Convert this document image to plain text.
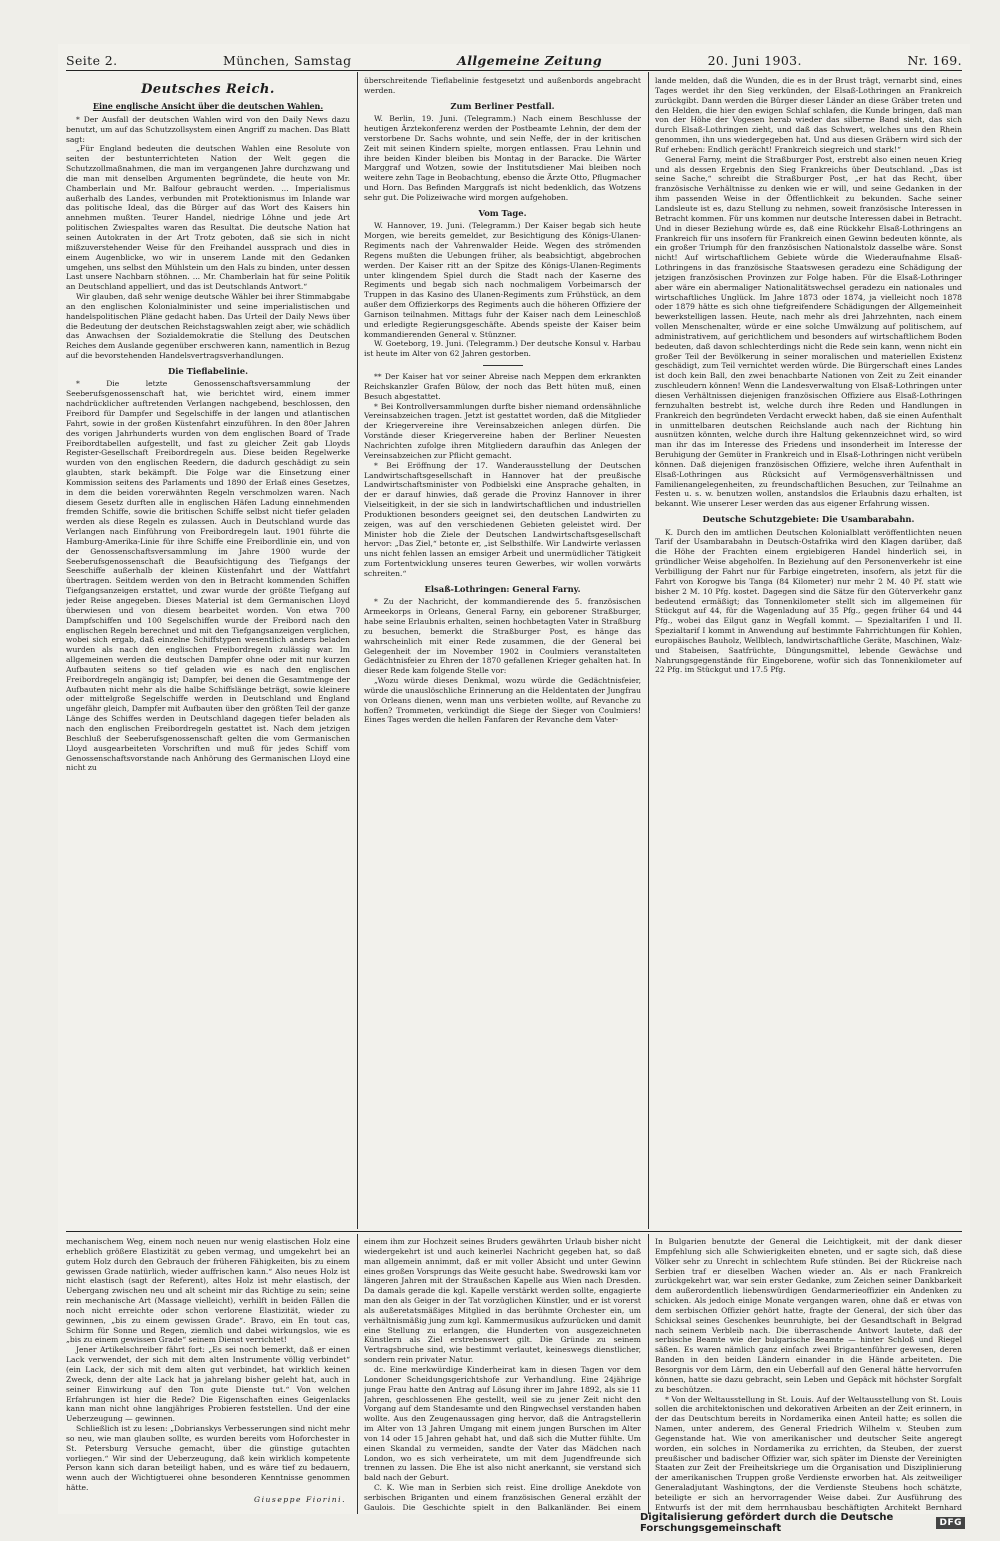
Seite 2.	München, Samstag	Allgemeine Zeitung	20. Juni 1903.	Nr. 169.
Deutsches Reich.
Eine englische Ansicht über die deutschen Wahlen.

* Der Ausfall der deutschen Wahlen wird von den Daily News dazu benutzt, um auf das Schutzzollsystem einen Angriff zu machen. Das Blatt sagt:

„Für England bedeuten die deutschen Wahlen eine Resolute von seiten der bestunterrichteten Nation der Welt gegen die Schutzzollmaßnahmen, die man im vergangenen Jahre durchzwang und die man mit denselben Argumenten begründete, die heute von Mr. Chamberlain und Mr. Balfour gebraucht werden. ... Imperialismus außerhalb des Landes, verbunden mit Protektionismus im Inlande war das politische Ideal, das die Bürger auf das Wort des Kaisers hin annehmen mußten. Teurer Handel, niedrige Löhne und jede Art politischen Zwiespaltes waren das Resultat. Die deutsche Nation hat seinen Autokraten in der Art Trotz geboten, daß sie sich in nicht mißzuverstehender Weise für den Freihandel aussprach und dies in einem Augenblicke, wo wir in unserem Lande mit den Gedanken umgehen, uns selbst den Mühlstein um den Hals zu binden, unter dessen Last unsere Nachbarn stöhnen. ... Mr. Chamberlain hat für seine Politik an Deutschland appelliert, und das ist Deutschlands Antwort.“

Wir glauben, daß sehr wenige deutsche Wähler bei ihrer Stimmabgabe an den englischen Kolonialminister und seine imperialistischen und handelspolitischen Pläne gedacht haben. Das Urteil der Daily News über die Bedeutung der deutschen Reichstagswahlen zeigt aber, wie schädlich das Anwachsen der Sozialdemokratie die Stellung des Deutschen Reiches dem Auslande gegenüber erschweren kann, namentlich in Bezug auf die bevorstehenden Handelsvertragsverhandlungen.

Die Tieflabelinie.

* Die letzte Genossenschaftsversammlung der Seeberufsgenossenschaft hat, wie berichtet wird, einem immer nachdrücklicher auftretenden Verlangen nachgebend, beschlossen, den Freibord für Dampfer und Segelschiffe in der langen und atlantischen Fahrt, sowie in der großen Küstenfahrt einzuführen. In den 80er Jahren des vorigen Jahrhunderts wurden von dem englischen Board of Trade Freibordtabellen aufgestellt, und fast zu gleicher Zeit gab Lloyds Register-Gesellschaft Freibordregeln aus. Diese beiden Regelwerke wurden von den englischen Reedern, die dadurch geschädigt zu sein glaubten, stark bekämpft. Die Folge war die Einsetzung einer Kommission seitens des Parlaments und 1890 der Erlaß eines Gesetzes, in dem die beiden vorerwähnten Regeln verschmolzen waren. Nach diesem Gesetz durften alle in englischen Häfen Ladung einnehmenden fremden Schiffe, sowie die britischen Schiffe selbst nicht tiefer geladen werden als diese Regeln es zulassen. Auch in Deutschland wurde das Verlangen nach Einführung von Freibordregeln laut. 1901 führte die Hamburg-Amerika-Linie für ihre Schiffe eine Freibordlinie ein, und von der Genossenschaftsversammlung im Jahre 1900 wurde der Seeberufsgenossenschaft die Beaufsichtigung des Tiefgangs der Seeschiffe außerhalb der kleinen Küstenfahrt und der Wattfahrt übertragen. Seitdem werden von den in Betracht kommenden Schiffen Tiefgangsanzeigen erstattet, und zwar wurde der größte Tiefgang auf jeder Reise angegeben. Dieses Material ist dem Germanischen Lloyd überwiesen und von diesem bearbeitet worden. Von etwa 700 Dampfschiffen und 100 Segelschiffen wurde der Freibord nach den englischen Regeln berechnet und mit den Tiefgangsanzeigen verglichen, wobei sich ergab, daß einzelne Schiffstypen wesentlich anders beladen wurden als nach den englischen Freibordregeln zulässig war. Im allgemeinen werden die deutschen Dampfer ohne oder mit nur kurzen Aufbauten seitens so tief geladen wie es nach den englischen Freibordregeln angängig ist; Dampfer, bei denen die Gesamtmenge der Aufbauten nicht mehr als die halbe Schiffslänge beträgt, sowie kleinere oder mittelgroße Segelschiffe werden in Deutschland und England ungefähr gleich, Dampfer mit Aufbauten über den größten Teil der ganze Länge des Schiffes werden in Deutschland dagegen tiefer beladen als nach den englischen Freibordregeln gestattet ist. Nach dem jetzigen Beschluß der Seeberufsgenossenschaft gelten die vom Germanischen Lloyd ausgearbeiteten Vorschriften und muß für jedes Schiff vom Genossenschaftsvorstande nach Anhörung des Germanischen Lloyd eine nicht zu

überschreitende Tieflabelinie festgesetzt und außenbords angebracht werden.

Zum Berliner Pestfall.

W. Berlin, 19. Juni. (Telegramm.) Nach einem Beschlusse der heutigen Ärztekonferenz werden der Postbeamte Lehnin, der dem der verstorbene Dr. Sachs wohnte, und sein Neffe, der in der kritischen Zeit mit seinen Kindern spielte, morgen entlassen. Frau Lehnin und ihre beiden Kinder bleiben bis Montag in der Baracke. Die Wärter Marggraf und Wotzen, sowie der Institutsdiener Mai bleiben noch weitere zehn Tage in Beobachtung, ebenso die Ärzte Otto, Pflugmacher und Horn. Das Befinden Marggrafs ist nicht bedenklich, das Wotzens sehr gut. Die Polizeiwache wird morgen aufgehoben.

Vom Tage.

W. Hannover, 19. Juni. (Telegramm.) Der Kaiser begab sich heute Morgen, wie bereits gemeldet, zur Besichtigung des Königs-Ulanen-Regiments nach der Vahrenwalder Heide. Wegen des strömenden Regens mußten die Uebungen früher, als beabsichtigt, abgebrochen werden. Der Kaiser ritt an der Spitze des Königs-Ulanen-Regiments unter klingendem Spiel durch die Stadt nach der Kaserne des Regiments und begab sich nach nochmaligem Vorbeimarsch der Truppen in das Kasino des Ulanen-Regiments zum Frühstück, an dem außer dem Offizierkorps des Regiments auch die höheren Offiziere der Garnison teilnahmen. Mittags fuhr der Kaiser nach dem Leineschloß und erledigte Regierungsgeschäfte. Abends speiste der Kaiser beim kommandierenden General v. Stünzner.

W. Goeteborg, 19. Juni. (Telegramm.) Der deutsche Konsul v. Harbau ist heute im Alter von 62 Jahren gestorben.

** Der Kaiser hat vor seiner Abreise nach Meppen dem erkrankten Reichskanzler Grafen Bülow, der noch das Bett hüten muß, einen Besuch abgestattet.

* Bei Kontrollversammlungen durfte bisher niemand ordensähnliche Vereinsabzeichen tragen. Jetzt ist gestattet worden, daß die Mitglieder der Kriegervereine ihre Vereinsabzeichen anlegen dürfen. Die Vorstände dieser Kriegervereine haben der Berliner Neuesten Nachrichten zufolge ihren Mitgliedern daraufhin das Anlegen der Vereinsabzeichen zur Pflicht gemacht.

* Bei Eröffnung der 17. Wanderausstellung der Deutschen Landwirtschaftsgesellschaft in Hannover hat der preußische Landwirtschaftsminister von Podbielski eine Ansprache gehalten, in der er darauf hinwies, daß gerade die Provinz Hannover in ihrer Vielseitigkeit, in der sie sich in landwirtschaftlichen und industriellen Produktionen besonders geeignet sei, den deutschen Landwirten zu zeigen, was auf den verschiedenen Gebieten geleistet wird. Der Minister hob die Ziele der Deutschen Landwirtschaftsgesellschaft hervor: „Das Ziel,“ betonte er, „ist Selbsthilfe. Wir Landwirte verlassen uns nicht fehlen lassen an emsiger Arbeit und unermüdlicher Tätigkeit zum Fortentwicklung unseres teuren Gewerbes, wir wollen vorwärts schreiten.“

Elsaß-Lothringen: General Farny.

* Zu der Nachricht, der kommandierende des 5. französischen Armeekorps in Orleans, General Farny, ein geborener Straßburger, habe seine Erlaubnis erhalten, seinen hochbetagten Vater in Straßburg zu besuchen, bemerkt die Straßburger Post, es hänge das wahrscheinlich mit einer Rede zusammen, die der General bei Gelegenheit der im November 1902 in Coulmiers veranstalteten Gedächtnisfeier zu Ehren der 1870 gefallenen Krieger gehalten hat. In dieser Rede kam folgende Stelle vor:

„Wozu würde dieses Denkmal, wozu würde die Gedächtnisfeier, würde die unauslöschliche Erinnerung an die Heldentaten der Jungfrau von Orleans dienen, wenn man uns verbieten wollte, auf Revanche zu hoffen? Trommeten, verkündigt die Siege der Sieger von Coulmiers! Eines Tages werden die hellen Fanfaren der Revanche dem Vater-

lande melden, daß die Wunden, die es in der Brust trägt, vernarbt sind, eines Tages werdet ihr den Sieg verkünden, der Elsaß-Lothringen an Frankreich zurückgibt. Dann werden die Bürger dieser Länder an diese Gräber treten und den Helden, die hier den ewigen Schlaf schlafen, die Kunde bringen, daß man von der Höhe der Vogesen herab wieder das silberne Band sieht, das sich durch Elsaß-Lothringen zieht, und daß das Schwert, welches uns den Rhein genommen, ihn uns wiedergegeben hat. Und aus diesen Gräbern wird sich der Ruf erheben: Endlich gerächt! Frankreich siegreich und stark!“

General Farny, meint die Straßburger Post, erstrebt also einen neuen Krieg und als dessen Ergebnis den Sieg Frankreichs über Deutschland. „Das ist seine Sache,“ schreibt die Straßburger Post, „er hat das Recht, über französische Verhältnisse zu denken wie er will, und seine Gedanken in der ihm passenden Weise in der Öffentlichkeit zu bekunden. Sache seiner Landsleute ist es, dazu Stellung zu nehmen, soweit französische Interessen in Betracht kommen. Für uns kommen nur deutsche Interessen dabei in Betracht. Und in dieser Beziehung würde es, daß eine Rückkehr Elsaß-Lothringens an Frankreich für uns insofern für Frankreich einen Gewinn bedeuten könnte, als ein großer Triumph für den französischen Nationalstolz dasselbe wäre. Sonst nicht! Auf wirtschaftlichem Gebiete würde die Wiederaufnahme Elsaß-Lothringens in das französische Staatswesen geradezu eine Schädigung der jetzigen französischen Provinzen zur Folge haben. Für die Elsaß-Lothringer aber wäre ein abermaliger Nationalitätswechsel geradezu ein nationales und wirtschaftliches Unglück. Im Jahre 1873 oder 1874, ja vielleicht noch 1878 oder 1879 hätte es sich ohne tiefgreifendere Schädigungen der Allgemeinheit bewerkstelligen lassen. Heute, nach mehr als drei Jahrzehnten, nach einem vollen Menschenalter, würde er eine solche Umwälzung auf politischem, auf administrativem, auf gerichtlichem und besonders auf wirtschaftlichem Boden bedeuten, daß davon schlechterdings nicht die Rede sein kann, wenn nicht ein großer Teil der Bevölkerung in seiner moralischen und materiellen Existenz geschädigt, zum Teil vernichtet werden würde. Die Bürgerschaft eines Landes ist doch kein Ball, den zwei benachbarte Nationen von Zeit zu Zeit einander zuschleudern können! Wenn die Landesverwaltung von Elsaß-Lothringen unter diesen Verhältnissen diejenigen französischen Offiziere aus Elsaß-Lothringen fernzuhalten bestrebt ist, welche durch ihre Reden und Handlungen in Frankreich den begründeten Verdacht erweckt haben, daß sie einen Aufenthalt in unmittelbaren deutschen Reichslande auch nach der Richtung hin ausnützen könnten, welche durch ihre Haltung gekennzeichnet wird, so wird man ihr das im Interesse des Friedens und insonderheit im Interesse der Beruhigung der Gemüter in Frankreich und in Elsaß-Lothringen nicht verübeln können. Daß diejenigen französischen Offiziere, welche ihren Aufenthalt in Elsaß-Lothringen aus Rücksicht auf Vermögensverhältnissen und Familienangelegenheiten, zu freundschaftlichen Besuchen, zur Teilnahme an Festen u. s. w. benutzen wollen, anstandslos die Erlaubnis dazu erhalten, ist bekannt. Wie unserer Leser werden das aus eigener Erfahrung wissen.

Deutsche Schutzgebiete: Die Usambarabahn.

K. Durch den im amtlichen Deutschen Kolonialblatt veröffentlichten neuen Tarif der Usambarabahn in Deutsch-Ostafrika wird den Klagen darüber, daß die Höhe der Frachten einem ergiebigeren Handel hinderlich sei, in gründlicher Weise abgeholfen. In Beziehung auf den Personenverkehr ist eine Verbilligung der Fahrt nur für Farbige eingetreten, insofern, als jetzt für die Fahrt von Korogwe bis Tanga (84 Kilometer) nur mehr 2 M. 40 Pf. statt wie bisher 2 M. 10 Pfg. kostet. Dagegen sind die Sätze für den Güterverkehr ganz bedeutend ermäßigt; das Tonnenkilometer stellt sich im allgemeinen für Stückgut auf 44, für die Wagenladung auf 35 Pfg., gegen früher 64 und 44 Pfg., wobei das Eilgut ganz in Wegfall kommt. — Spezialtarifen I und II. Spezialtarif I kommt in Anwendung auf bestimmte Fahrrichtungen für Kohlen, europäisches Bauholz, Wellblech, landwirtschaftliche Geräte, Maschinen, Walz- und Stabeisen, Saatfrüchte, Düngungsmittel, lebende Gewächse und Nahrungsgegenstände für Eingeborene, wofür sich das Tonnenkilometer auf 22 Pfg. im Stückgut und 17.5 Pfg.

mechanischem Weg, einem noch neuen nur wenig elastischen Holz eine erheblich größere Elastizität zu geben vermag, und umgekehrt bei an gutem Holz durch den Gebrauch der früheren Fähigkeiten, bis zu einem gewissen Grade natürlich, wieder auffrischen kann.“ Also neues Holz ist nicht elastisch (sagt der Referent), altes Holz ist mehr elastisch, der Uebergang zwischen neu und alt scheint mir das Richtige zu sein; seine rein mechanische Art (Massage vielleicht), verhilft in beiden Fällen die noch nicht erreichte oder schon verlorene Elastizität, wieder zu gewinnen, „bis zu einem gewissen Grade“. Bravo, ein En tout cas, Schirm für Sonne und Regen, ziemlich und dabei wirkungslos, wie es „bis zu einem gewissen Grade“ seinem Dienst verrichtet!

Jener Artikelschreiber fährt fort: „Es sei noch bemerkt, daß er einen Lack verwendet, der sich mit dem alten Instrumente völlig verbindet“ (ein Lack, der sich mit dem alten gut verbindet, hat wirklich keinen Zweck, denn der alte Lack hat ja jahrelang bisher geleht hat, auch in seiner Einwirkung auf den Ton gute Dienste tut.“ Von welchen Erfahrungen ist hier die Rede? Die Eigenschaften eines Geigenlacks kann man nicht ohne langjähriges Probieren feststellen. Und der eine Ueberzeugung — gewinnen.

Schließlich ist zu lesen: „Dobrianskys Verbesserungen sind nicht mehr so neu, wie man glauben sollte, es wurden bereits vom Hoforchester in St. Petersburg Versuche gemacht, über die günstige gutachten vorliegen.“ Wir sind der Ueberzeugung, daß kein wirklich kompetente Person kann sich daran beteiligt haben, und es wäre tief zu bedauern, wenn auch der Wichtigtuerei ohne besonderen Kenntnisse genommen hätte.

Giuseppe Fiorini.

einem ihm zur Hochzeit seines Bruders gewährten Urlaub bisher nicht wiedergekehrt ist und auch keinerlei Nachricht gegeben hat, so daß man allgemein annimmt, daß er mit voller Absicht und unter Gewinn eines großen Vorsprungs das Weite gesucht habe. Swedrowski kam vor längeren Jahren mit der Straußschen Kapelle aus Wien nach Dresden. Da damals gerade die kgl. Kapelle verstärkt werden sollte, engagierte man den als Geiger in der Tat vorzüglichen Künstler, und er ist vorerst als außeretatsmäßiges Mitglied in das berühmte Orchester ein, um verhältnismäßig jung zum kgl. Kammermusikus aufzurücken und damit eine Stellung zu erlangen, die Hunderten von ausgezeichneten Künstlern als Ziel erstrebenswert gilt. Die Gründe zu seinem Vertragsbruche sind, wie bestimmt verlautet, keineswegs dienstlicher, sondern rein privater Natur.

dc. Eine merkwürdige Kinderheirat kam in diesen Tagen vor dem Londoner Scheidungsgerichtshofe zur Verhandlung. Eine 24jährige junge Frau hatte den Antrag auf Lösung ihrer im Jahre 1892, als sie 11 Jahren, geschlossenen Ehe gestellt, weil sie zu jener Zeit nicht den Vorgang auf dem Standesamte und den Ringwechsel verstanden haben wollte. Aus den Zeugenaussagen ging hervor, daß die Antragstellerin im Alter von 13 Jahren Umgang mit einem jungen Burschen im Alter von 14 oder 15 Jahren gehabt hat, und daß sich die Mutter fühlte. Um einen Skandal zu vermeiden, sandte der Vater das Mädchen nach London, wo es sich verheiratete, um mit dem Jugendfreunde sich trennen zu lassen. Die Ehe ist also nicht anerkannt, sie verstand sich bald nach der Geburt.

C. K. Wie man in Serbien sich reist. Eine drollige Anekdote von serbischen Briganten und einem französischen General erzählt der Gaulois. Die Geschichte spielt in den Balkanländer. Bei einem

In Bulgarien benutzte der General die Leichtigkeit, mit der dank dieser Empfehlung sich alle Schwierigkeiten ebneten, und er sagte sich, daß diese Völker sehr zu Unrecht in schlechtem Rufe stünden. Bei der Rückreise nach Serbien traf er dieselben Wachen wieder an. Als er nach Frankreich zurückgekehrt war, war sein erster Gedanke, zum Zeichen seiner Dankbarkeit dem außerordentlich liebenswürdigen Gendarmerieoffizier ein Andenken zu schicken. Als jedoch einige Monate vergangen waren, ohne daß er etwas von dem serbischen Offizier gehört hatte, fragte der General, der sich über das Schicksal seines Geschenkes beunruhigte, bei der Gesandtschaft in Belgrad nach seinem Verbleib nach. Die überraschende Antwort lautete, daß der serbische Beamte wie der bulgarische Beamte — hinter Schloß und Riegel säßen. Es waren nämlich ganz einfach zwei Brigantenführer gewesen, deren Banden in den beiden Ländern einander in die Hände arbeiteten. Die Besorgnis vor dem Lärm, den ein Ueberfall auf den General hätte hervorrufen können, hatte sie dazu gebracht, sein Leben und Gepäck mit höchster Sorgfalt zu beschützen.

* Von der Weltausstellung in St. Louis. Auf der Weltausstellung von St. Louis sollen die architektonischen und dekorativen Arbeiten an der Zeit erinnern, in der das Deutschtum bereits in Nordamerika einen Anteil hatte; es sollen die Namen, unter anderem, des General Friedrich Wilhelm v. Steuben zum Gegenstande hat. Wie von amerikanischer und deutscher Seite angeregt worden, ein solches in Nordamerika zu errichten, da Steuben, der zuerst preußischer und badischer Offizier war, sich später im Dienste der Vereinigten Staaten zur Zeit der Freiheitskriege um die Organisation und Disziplinierung der amerikanischen Truppen große Verdienste erworben hat. Als zeitweiliger Generaladjutant Washingtons, der die Verdienste Steubens hoch schätzte, beteiligte er sich an hervorragender Weise dabei. Zur Ausführung des Entwurfs ist der mit dem herrnhausbau beschäftigten Architekt Bernhard

Digitalisierung gefördert durch die Deutsche Forschungsgemeinschaft	DFG
